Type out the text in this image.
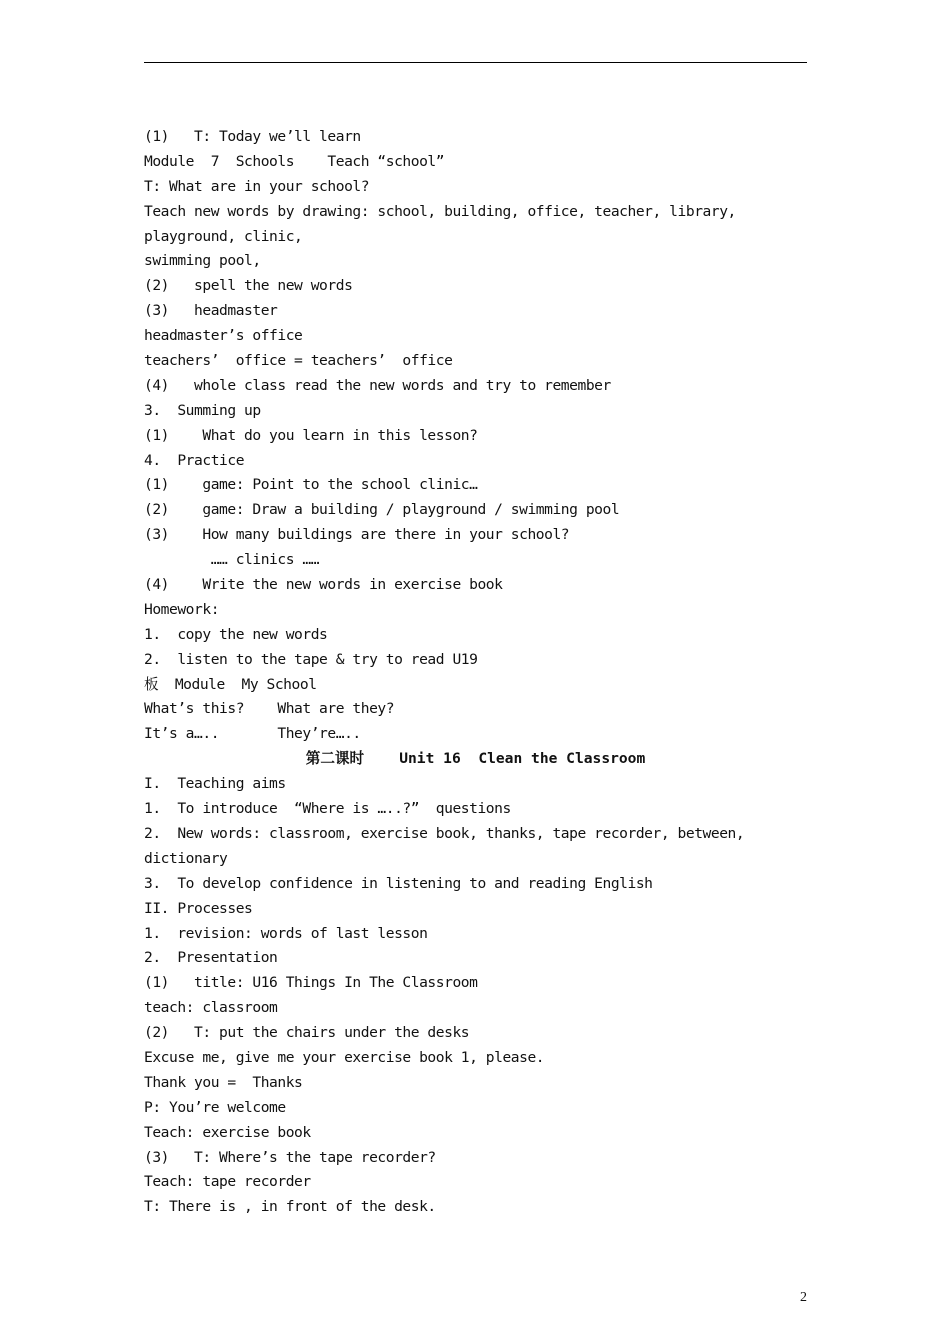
(1)   T: Today we’ll learn
Module  7  Schools    Teach “school”
T: What are in your school?
Teach new words by drawing: school, building, office, teacher, library,
playground, clinic,
swimming pool,
(2)   spell the new words
(3)   headmaster
headmaster’s office
teachers’  office = teachers’  office
(4)   whole class read the new words and try to remember
3.  Summing up
(1)    What do you learn in this lesson?
4.  Practice
(1)    game: Point to the school clinic…
(2)    game: Draw a building / playground / swimming pool
(3)    How many buildings are there in your school?
…… clinics ……
(4)    Write the new words in exercise book
Homework:
1.  copy the new words
2.  listen to the tape & try to read U19
板  Module  My School
What’s this?    What are they?
It’s a…..       They’re…..
第二课时    Unit 16  Clean the Classroom
I.  Teaching aims
1.  To introduce  “Where is …..?”  questions
2.  New words: classroom, exercise book, thanks, tape recorder, between,
dictionary
3.  To develop confidence in listening to and reading English
II. Processes
1.  revision: words of last lesson
2.  Presentation
(1)   title: U16 Things In The Classroom
teach: classroom
(2)   T: put the chairs under the desks
Excuse me, give me your exercise book 1, please.
Thank you =  Thanks
P: You’re welcome
Teach: exercise book
(3)   T: Where’s the tape recorder?
Teach: tape recorder
T: There is , in front of the desk.
2
